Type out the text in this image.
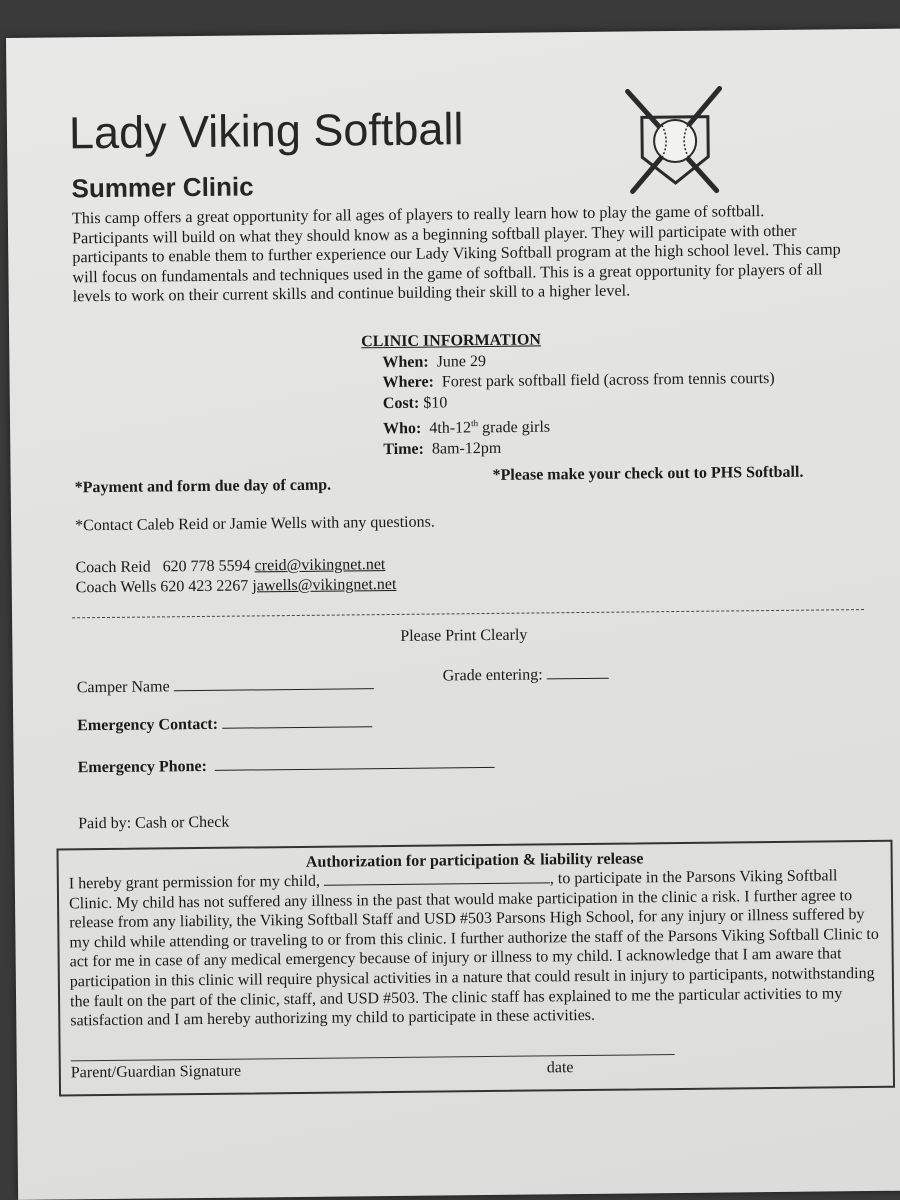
Lady Viking Softball
Summer Clinic
This camp offers a great opportunity for all ages of players to really learn how to play the game of softball. Participants will build on what they should know as a beginning softball player. They will participate with other participants to enable them to further experience our Lady Viking Softball program at the high school level. This camp will focus on fundamentals and techniques used in the game of softball. This is a great opportunity for players of all levels to work on their current skills and continue building their skill to a higher level.
CLINIC INFORMATION
When: June 29
Where: Forest park softball field (across from tennis courts)
Cost: $10
Who: 4th-12th grade girls
Time: 8am-12pm
*Payment and form due day of camp.
*Please make your check out to PHS Softball.
*Contact Caleb Reid or Jamie Wells with any questions.
Coach Reid 620 778 5594 creid@vikingnet.net
Coach Wells 620 423 2267 jawells@vikingnet.net
Please Print Clearly
Camper Name
Grade entering:
Emergency Contact:
Emergency Phone:
Paid by: Cash or Check
Authorization for participation & liability release
I hereby grant permission for my child,	, to participate in the Parsons Viking Softball Clinic. My child has not suffered any illness in the past that would make participation in the clinic a risk. I further agree to release from any liability, the Viking Softball Staff and USD #503 Parsons High School, for any injury or illness suffered by my child while attending or traveling to or from this clinic. I further authorize the staff of the Parsons Viking Softball Clinic to act for me in case of any medical emergency because of injury or illness to my child. I acknowledge that I am aware that participation in this clinic will require physical activities in a nature that could result in injury to participants, notwithstanding the fault on the part of the clinic, staff, and USD #503. The clinic staff has explained to me the particular activities to my satisfaction and I am hereby authorizing my child to participate in these activities.
Parent/Guardian Signature	date
